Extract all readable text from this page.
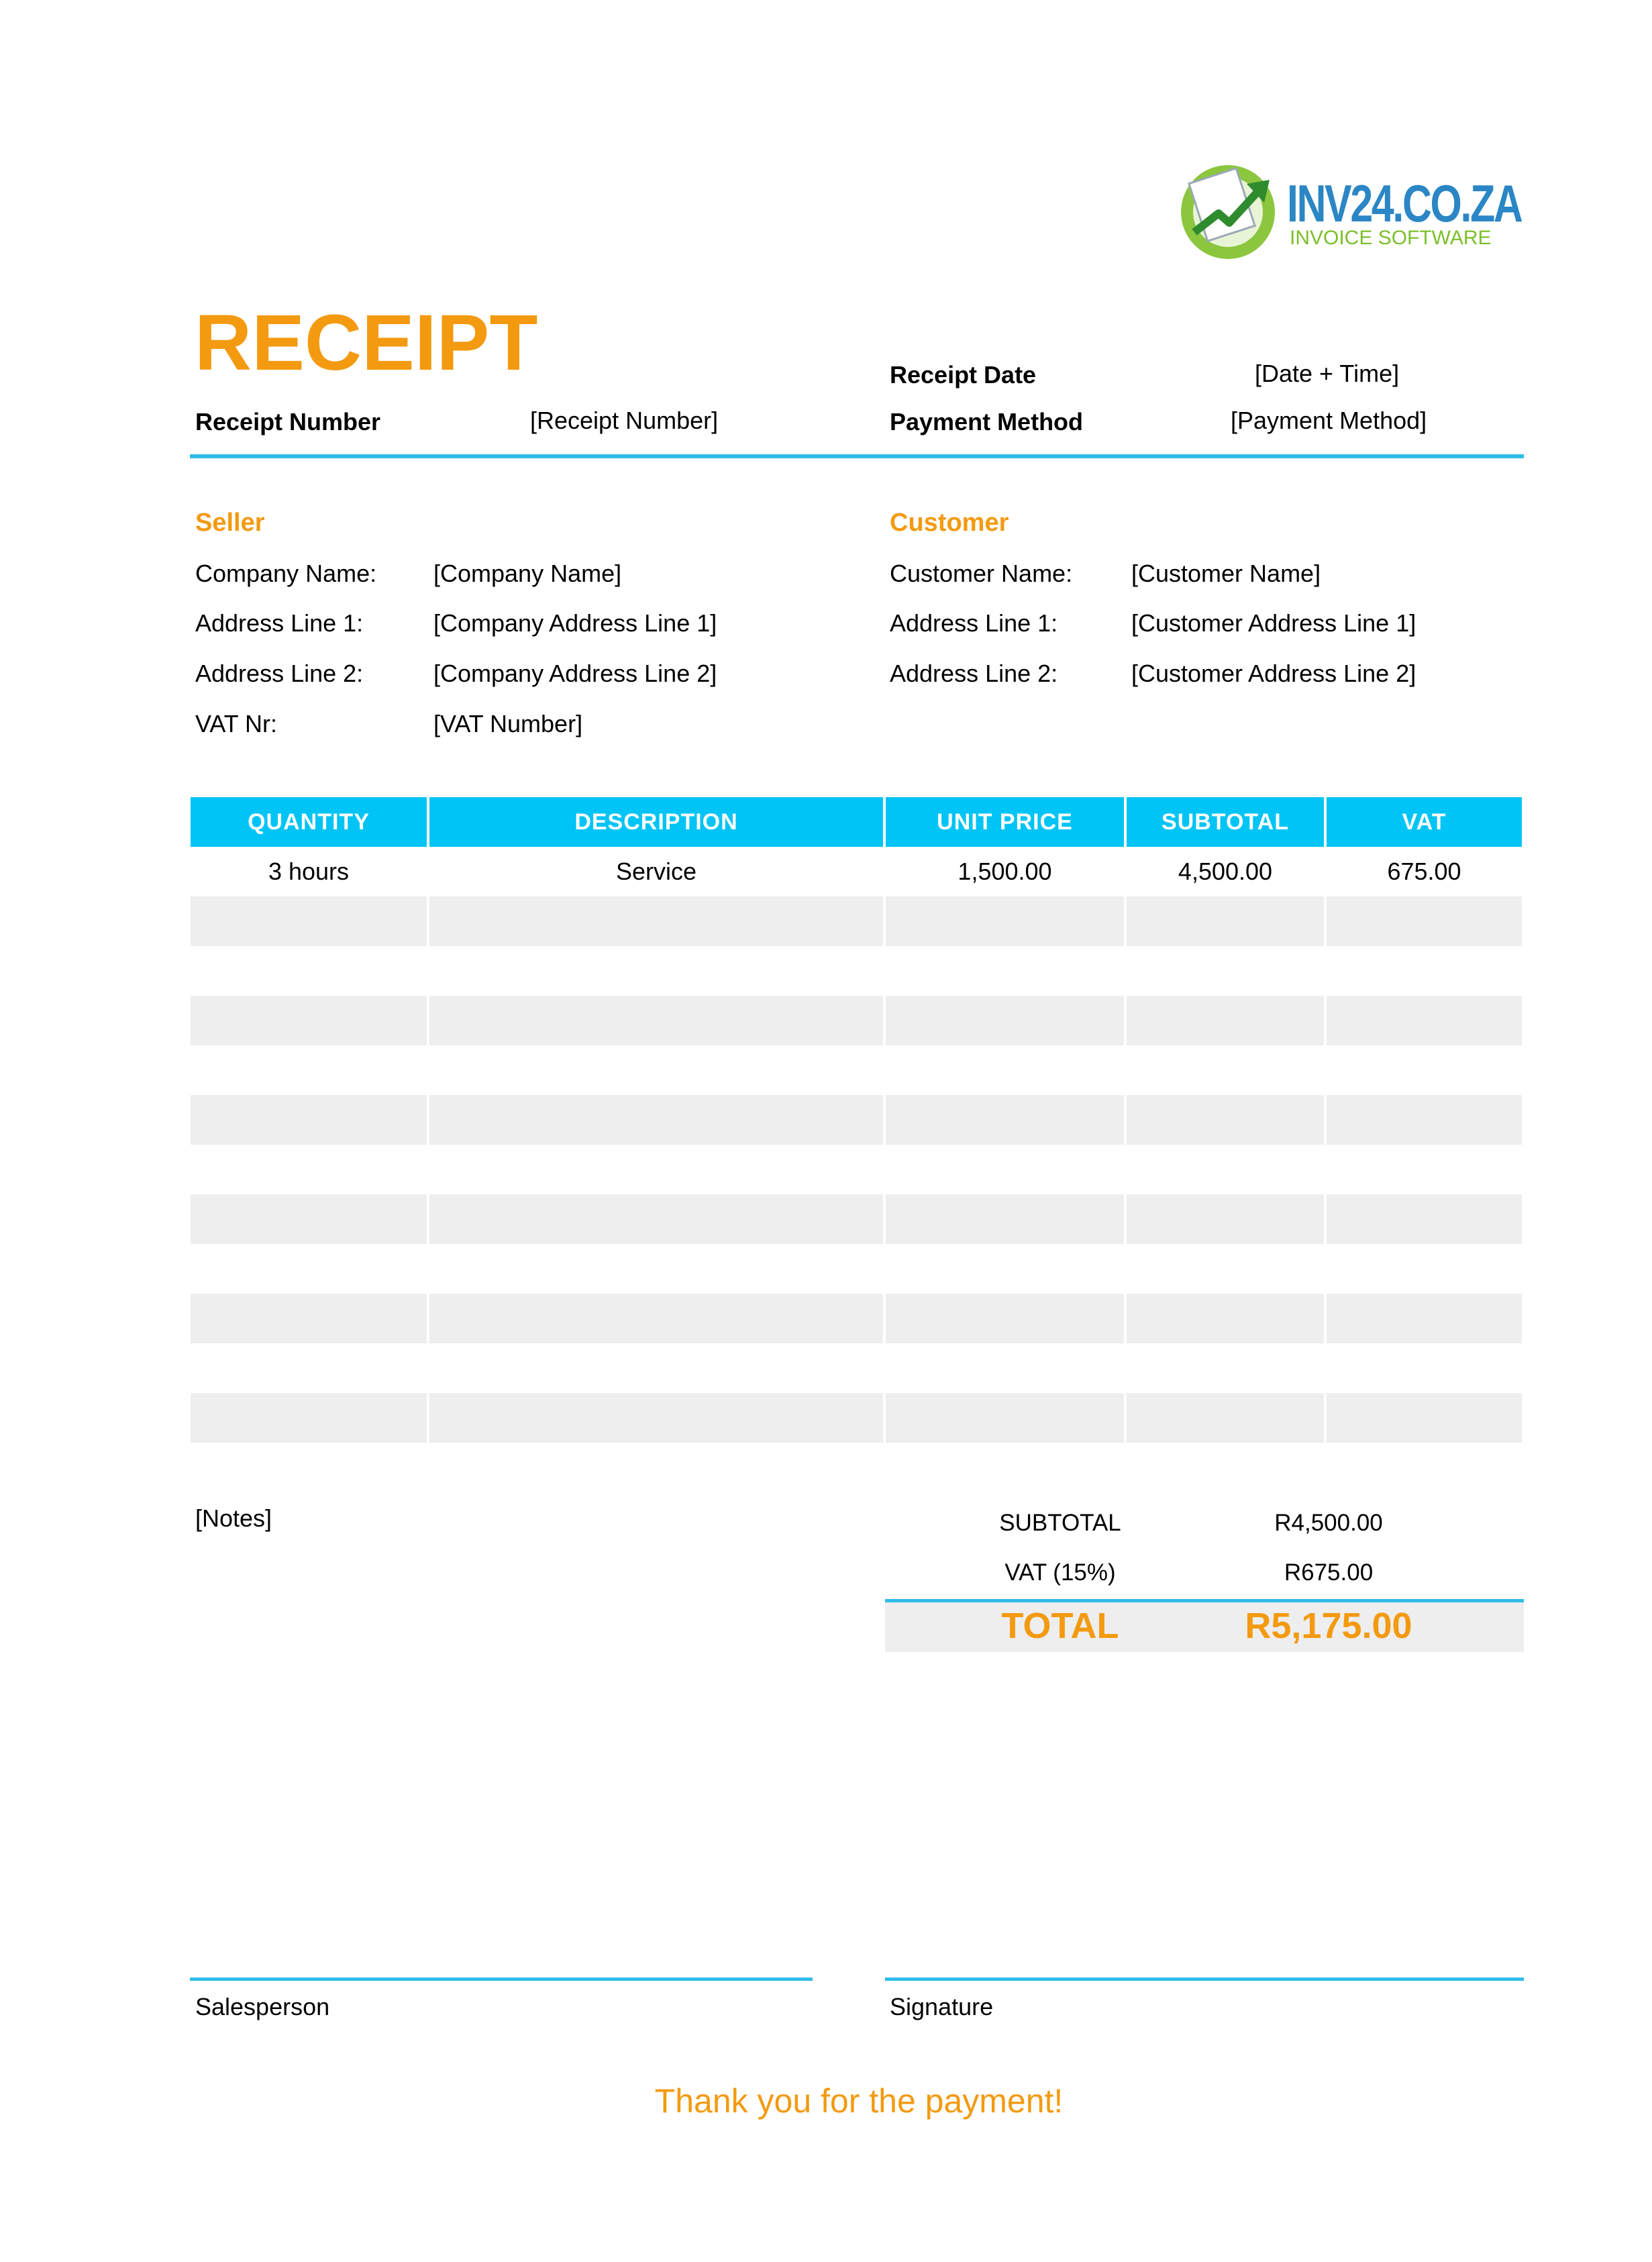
INV24.CO.ZA
INVOICE SOFTWARE
RECEIPT
Receipt Number	[Receipt Number]
Receipt Date	[Date + Time]
Payment Method	[Payment Method]
Seller
Company Name: [Company Name]
Address Line 1:	[Company Address Line 1]
Address Line 2:	[Company Address Line 2]
VAT Nr:	[VAT Number]
Customer
Customer Name: [Customer Name]
Address Line 1:	[Customer Address Line 1]
Address Line 2:	[Customer Address Line 2]
QUANTITY	DESCRIPTION	UNIT PRICE	SUBTOTAL	VAT
3 hours	Service	1,500.00	4,500.00	675.00

[Notes]	SUBTOTAL	R4,500.00
VAT (15%)	R675.00
TOTAL	R5,175.00
Salesperson	Signature
Thank you for the payment!
